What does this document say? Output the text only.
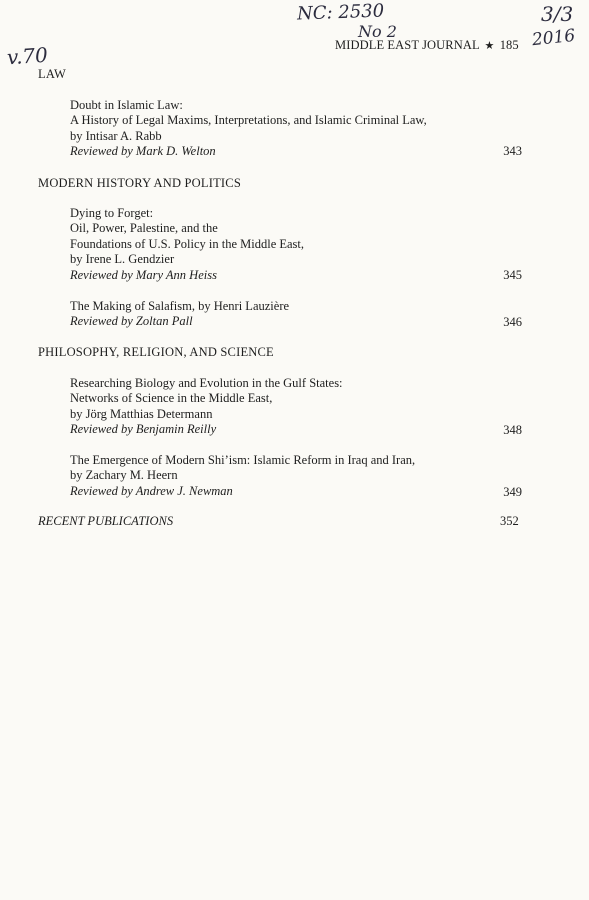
NC: 2530
No 2
3/3
2016
v.70	MIDDLE EAST JOURNAL ★ 185
LAW
Doubt in Islamic Law:
A History of Legal Maxims, Interpretations, and Islamic Criminal Law,
by Intisar A. Rabb
Reviewed by Mark D. Welton	343
MODERN HISTORY AND POLITICS
Dying to Forget:
Oil, Power, Palestine, and the
Foundations of U.S. Policy in the Middle East,
by Irene L. Gendzier
Reviewed by Mary Ann Heiss	345
The Making of Salafism, by Henri Lauzière
Reviewed by Zoltan Pall	346
PHILOSOPHY, RELIGION, AND SCIENCE
Researching Biology and Evolution in the Gulf States:
Networks of Science in the Middle East,
by Jörg Matthias Determann
Reviewed by Benjamin Reilly	348
The Emergence of Modern Shi’ism: Islamic Reform in Iraq and Iran,
by Zachary M. Heern
Reviewed by Andrew J. Newman	349
RECENT PUBLICATIONS	352
